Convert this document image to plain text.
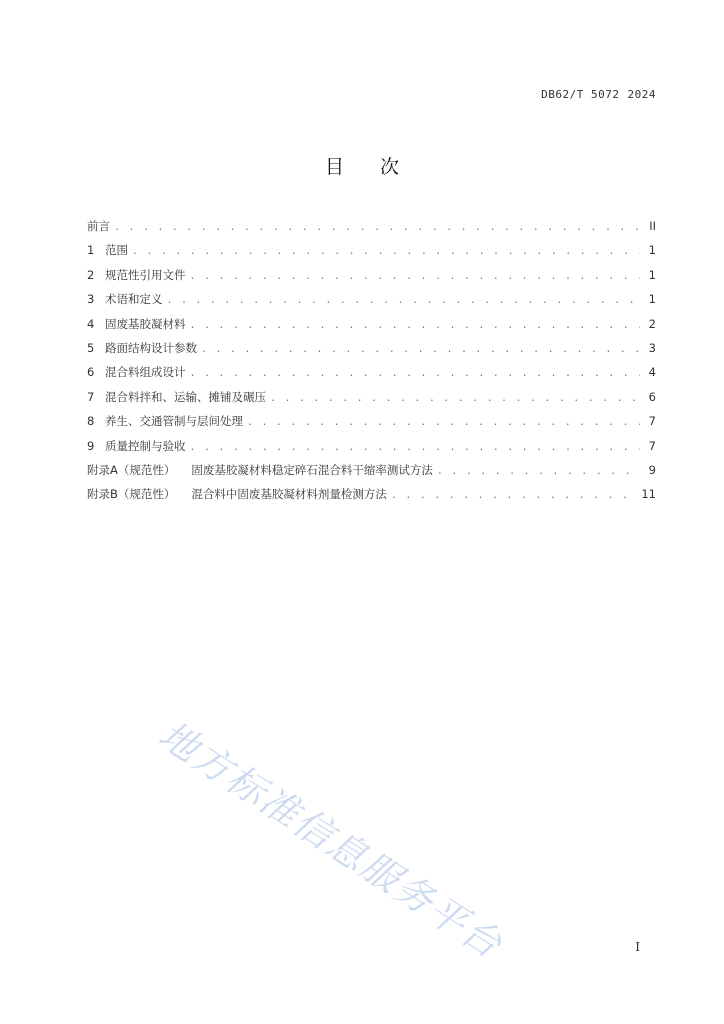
DB62/T 5072 2024
目次
前言 . . .	II
1 范围 . . .	1
2 规范性引用文件 . . .	1
3 术语和定义 . . .	1
4 固废基胶凝材料 . . .	2
5 路面结构设计参数 . . .	3
6 混合料组成设计 . . .	4
7 混合料拌和、运输、摊铺及碾压 . . .	6
8 养生、交通管制与层间处理 . . .	7
9 质量控制与验收 . . .	7
附录A（规范性） 固废基胶凝材料稳定碎石混合料干缩率测试方法 . . .	9
附录B（规范性） 混合料中固废基胶凝材料剂量检测方法 . . .	11
地方标准信息服务平台	I
